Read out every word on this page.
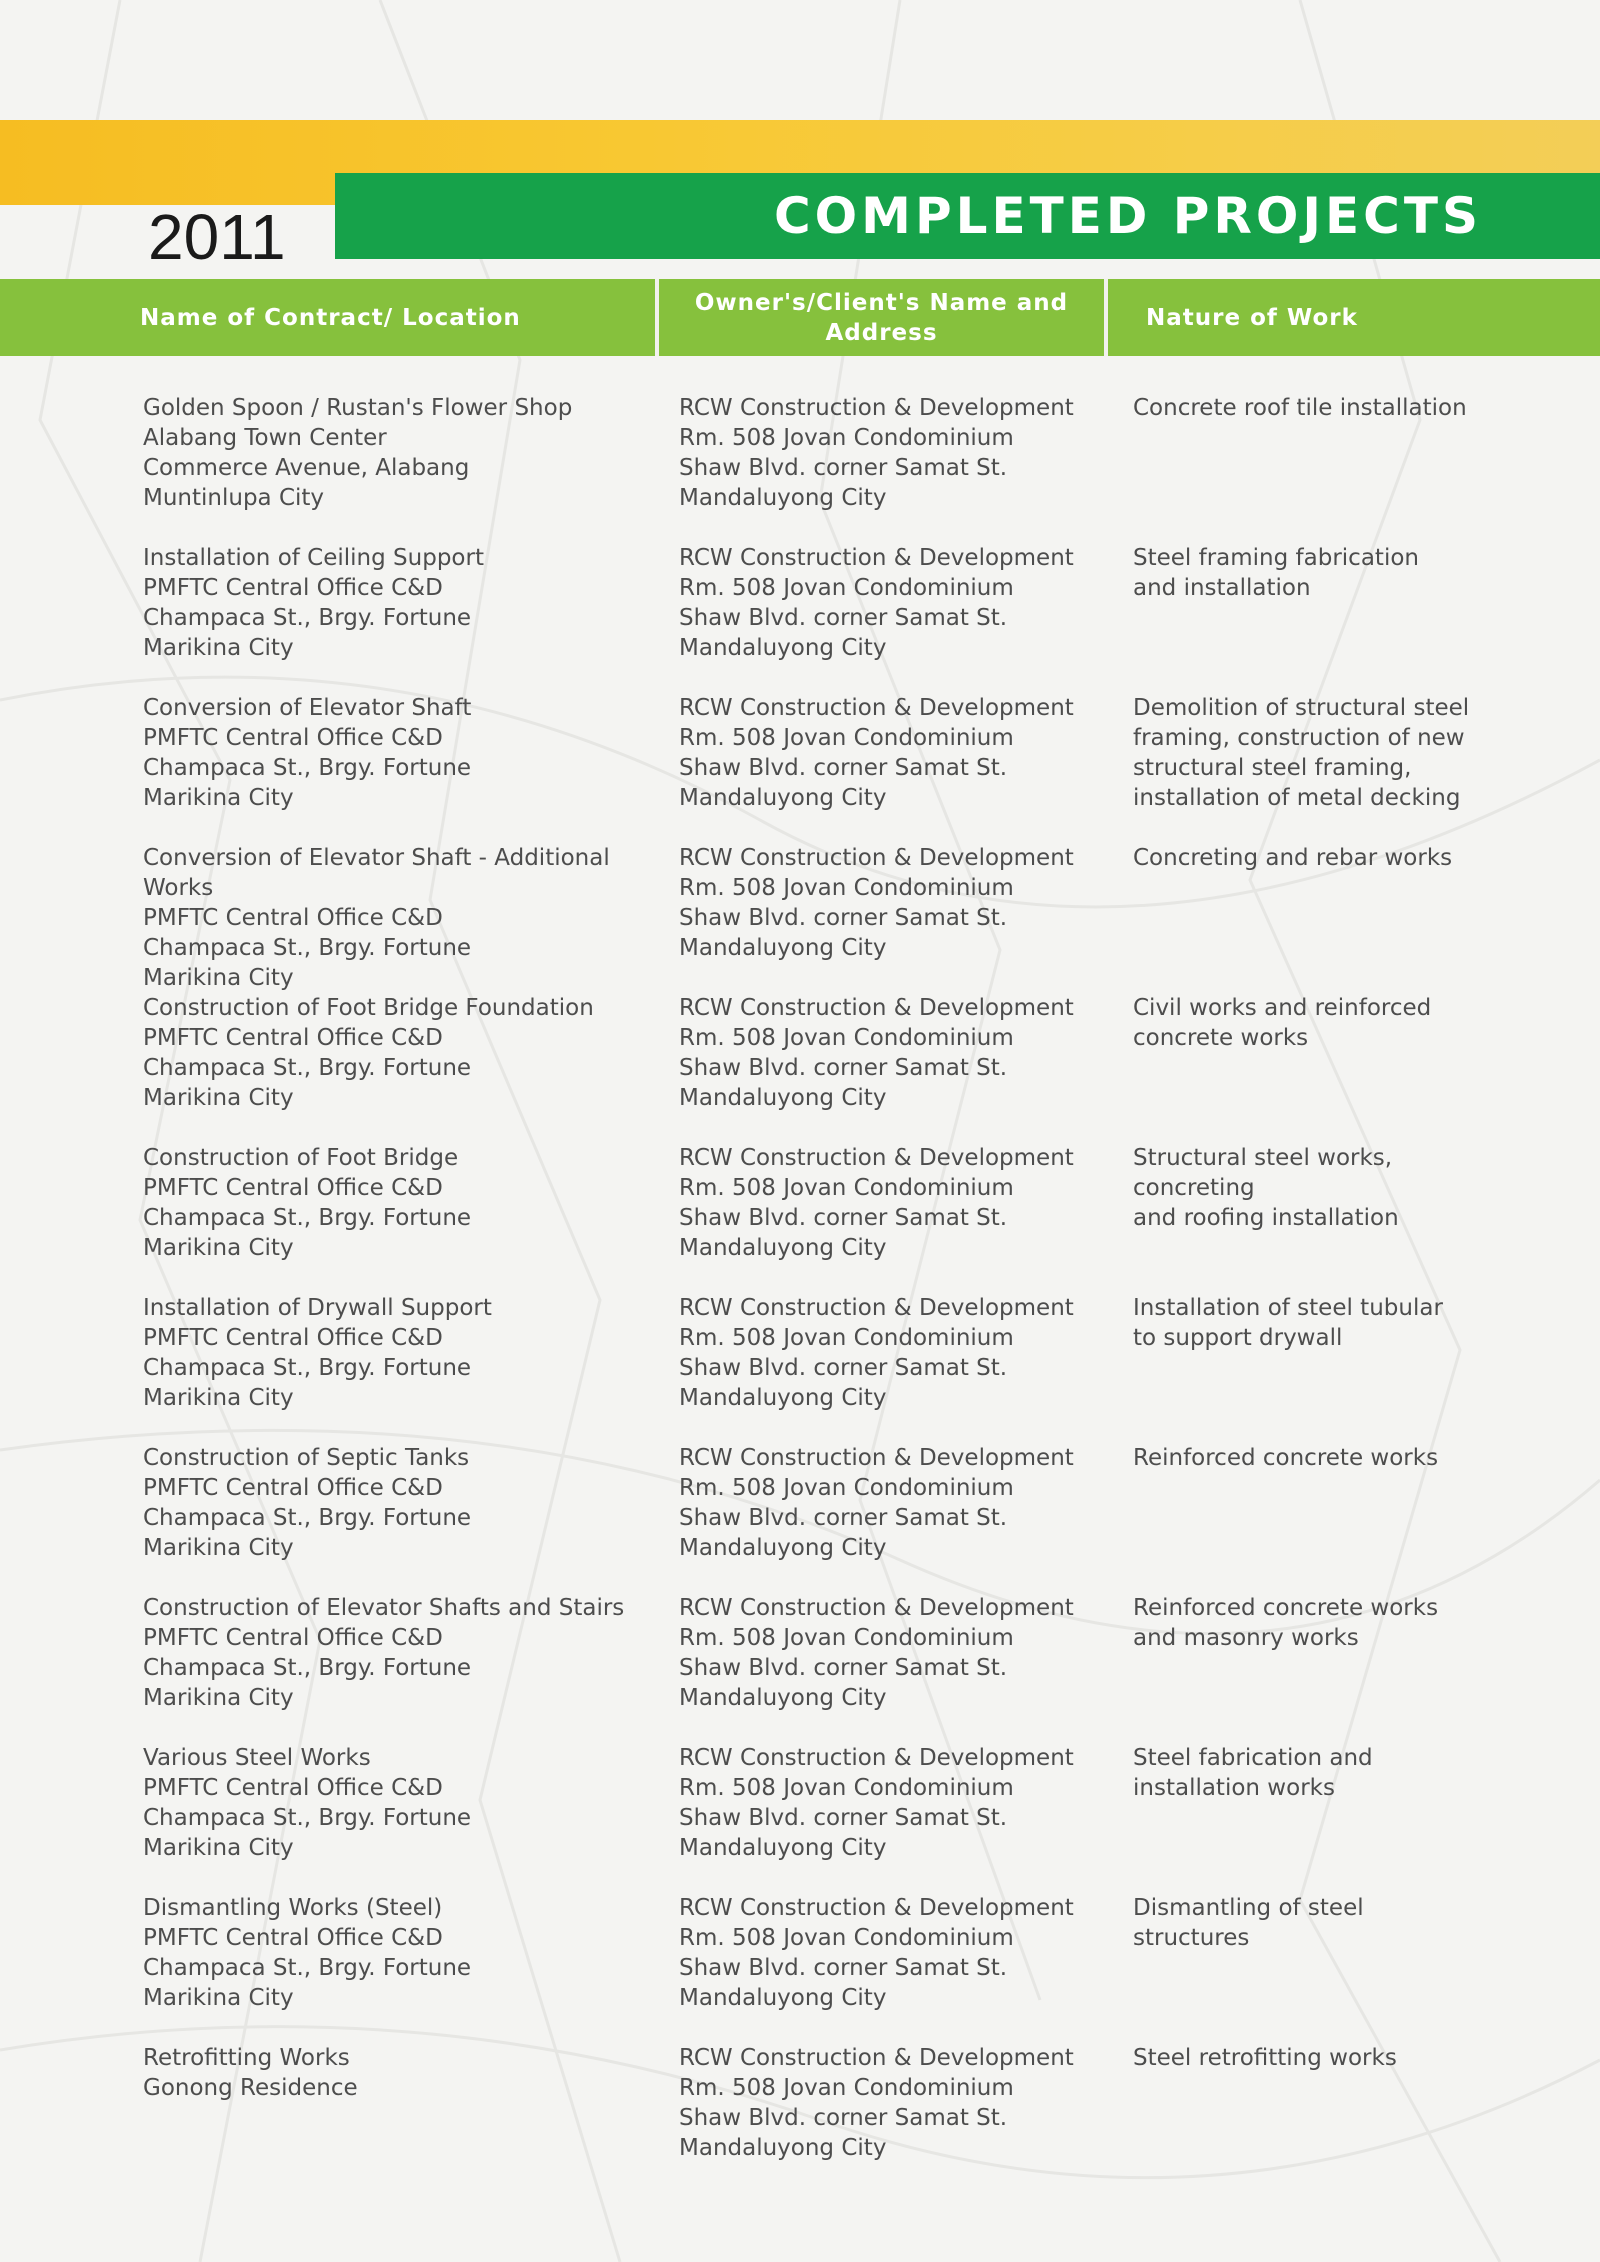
2011	COMPLETED PROJECTS
Name of Contract/ Location
Owner's/Client's Name and Address
Nature of Work
Golden Spoon / Rustan's Flower Shop
Alabang Town Center
Commerce Avenue, Alabang
Muntinlupa City
RCW Construction & Development
Rm. 508 Jovan Condominium
Shaw Blvd. corner Samat St.
Mandaluyong City
Concrete roof tile installation
Installation of Ceiling Support
PMFTC Central Office C&D
Champaca St., Brgy. Fortune
Marikina City
RCW Construction & Development
Rm. 508 Jovan Condominium
Shaw Blvd. corner Samat St.
Mandaluyong City
Steel framing fabrication
and installation
Conversion of Elevator Shaft
PMFTC Central Office C&D
Champaca St., Brgy. Fortune
Marikina City
RCW Construction & Development
Rm. 508 Jovan Condominium
Shaw Blvd. corner Samat St.
Mandaluyong City
Demolition of structural steel
framing, construction of new
structural steel framing,
installation of metal decking
Conversion of Elevator Shaft - Additional Works
PMFTC Central Office C&D
Champaca St., Brgy. Fortune
Marikina City
RCW Construction & Development
Rm. 508 Jovan Condominium
Shaw Blvd. corner Samat St.
Mandaluyong City
Concreting and rebar works
Construction of Foot Bridge Foundation
PMFTC Central Office C&D
Champaca St., Brgy. Fortune
Marikina City
RCW Construction & Development
Rm. 508 Jovan Condominium
Shaw Blvd. corner Samat St.
Mandaluyong City
Civil works and reinforced
concrete works
Construction of Foot Bridge
PMFTC Central Office C&D
Champaca St., Brgy. Fortune
Marikina City
RCW Construction & Development
Rm. 508 Jovan Condominium
Shaw Blvd. corner Samat St.
Mandaluyong City
Structural steel works,
concreting
and roofing installation
Installation of Drywall Support
PMFTC Central Office C&D
Champaca St., Brgy. Fortune
Marikina City
RCW Construction & Development
Rm. 508 Jovan Condominium
Shaw Blvd. corner Samat St.
Mandaluyong City
Installation of steel tubular
to support drywall
Construction of Septic Tanks
PMFTC Central Office C&D
Champaca St., Brgy. Fortune
Marikina City
RCW Construction & Development
Rm. 508 Jovan Condominium
Shaw Blvd. corner Samat St.
Mandaluyong City
Reinforced concrete works
Construction of Elevator Shafts and Stairs
PMFTC Central Office C&D
Champaca St., Brgy. Fortune
Marikina City
RCW Construction & Development
Rm. 508 Jovan Condominium
Shaw Blvd. corner Samat St.
Mandaluyong City
Reinforced concrete works
and masonry works
Various Steel Works
PMFTC Central Office C&D
Champaca St., Brgy. Fortune
Marikina City
RCW Construction & Development
Rm. 508 Jovan Condominium
Shaw Blvd. corner Samat St.
Mandaluyong City
Steel fabrication and
installation works
Dismantling Works (Steel)
PMFTC Central Office C&D
Champaca St., Brgy. Fortune
Marikina City
RCW Construction & Development
Rm. 508 Jovan Condominium
Shaw Blvd. corner Samat St.
Mandaluyong City
Dismantling of steel
structures
Retrofitting Works
Gonong Residence
RCW Construction & Development
Rm. 508 Jovan Condominium
Shaw Blvd. corner Samat St.
Mandaluyong City
Steel retrofitting works
